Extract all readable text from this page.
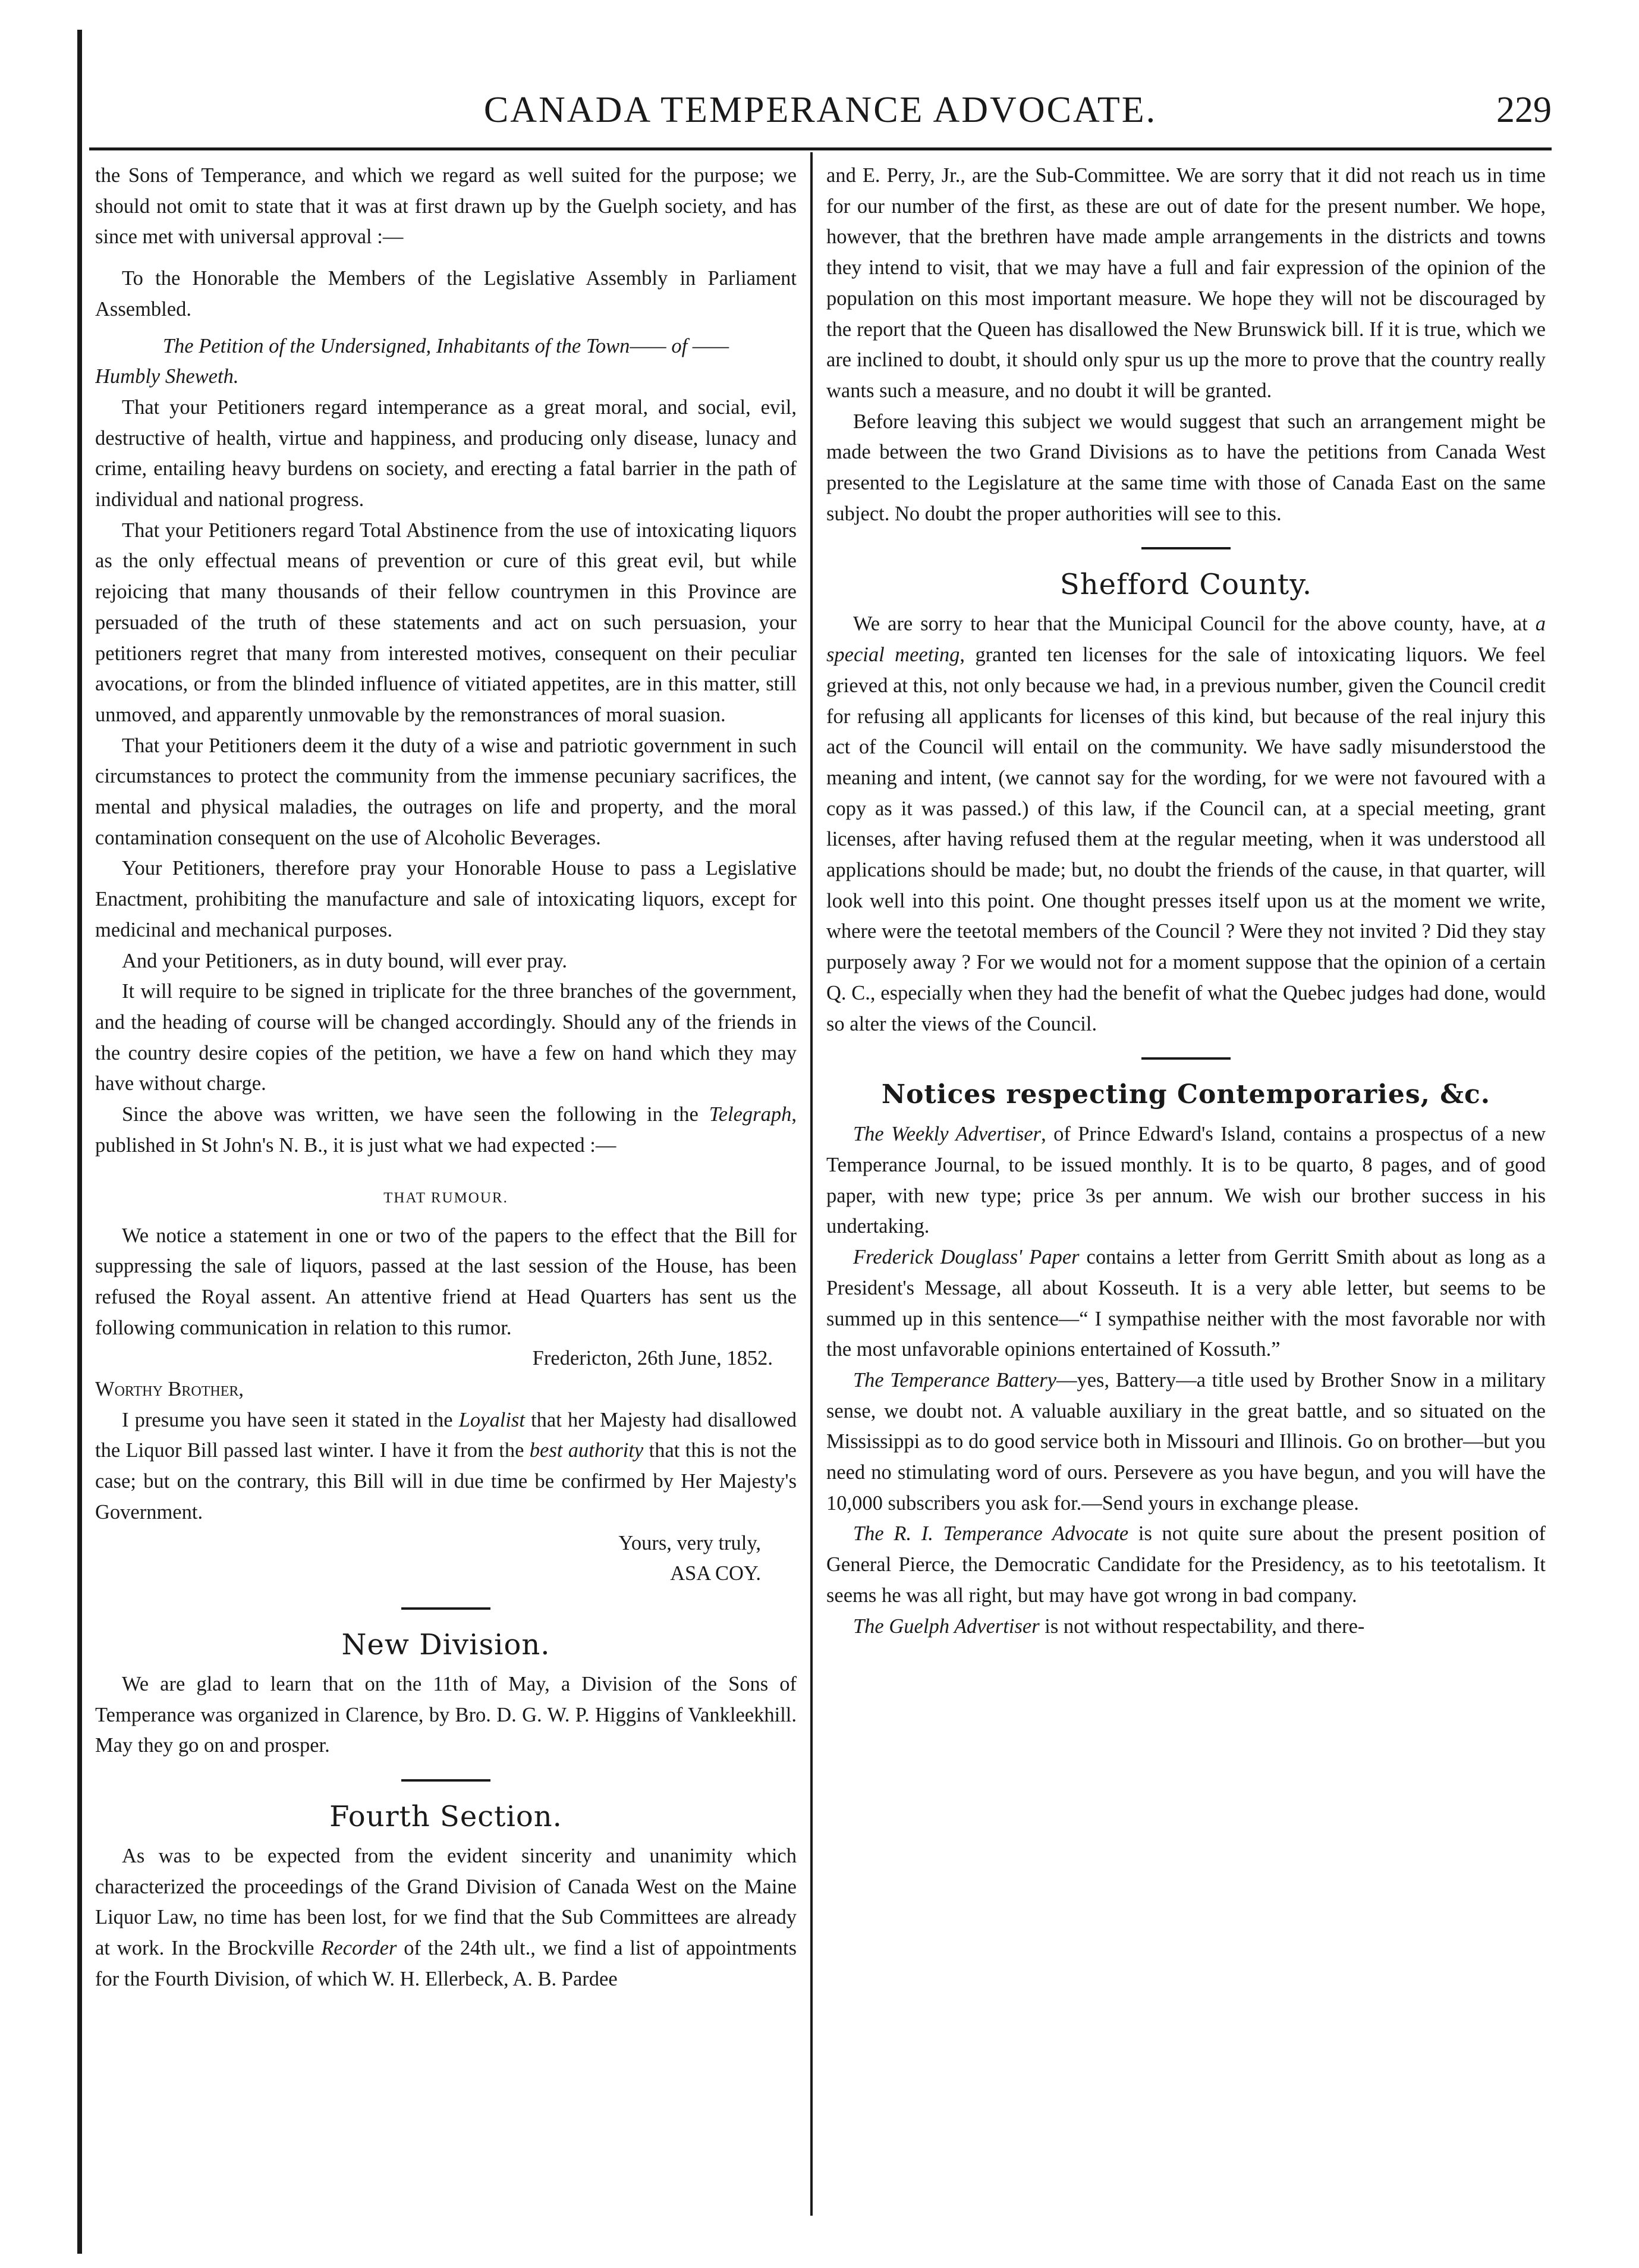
CANADA TEMPERANCE ADVOCATE.	229

the Sons of Temperance, and which we regard as well suited for the purpose; we should not omit to state that it was at first drawn up by the Guelph society, and has since met with universal approval :—

To the Honorable the Members of the Legislative Assembly in Parliament Assembled.

The Petition of the Undersigned, Inhabitants of the Town—— of ——

Humbly Sheweth.

That your Petitioners regard intemperance as a great moral, and social, evil, destructive of health, virtue and happiness, and producing only disease, lunacy and crime, entailing heavy burdens on society, and erecting a fatal barrier in the path of individual and national progress.

That your Petitioners regard Total Abstinence from the use of intoxicating liquors as the only effectual means of prevention or cure of this great evil, but while rejoicing that many thousands of their fellow countrymen in this Province are persuaded of the truth of these statements and act on such persuasion, your petitioners regret that many from interested motives, consequent on their peculiar avocations, or from the blinded influence of vitiated appetites, are in this matter, still unmoved, and apparently unmovable by the remonstrances of moral suasion.

That your Petitioners deem it the duty of a wise and patriotic government in such circumstances to protect the community from the immense pecuniary sacrifices, the mental and physical maladies, the outrages on life and property, and the moral contamination consequent on the use of Alcoholic Beverages.

Your Petitioners, therefore pray your Honorable House to pass a Legislative Enactment, prohibiting the manufacture and sale of intoxicating liquors, except for medicinal and mechanical purposes.

And your Petitioners, as in duty bound, will ever pray.

It will require to be signed in triplicate for the three branches of the government, and the heading of course will be changed accordingly. Should any of the friends in the country desire copies of the petition, we have a few on hand which they may have without charge.

Since the above was written, we have seen the following in the Telegraph, published in St John's N. B., it is just what we had expected :—

THAT RUMOUR.

We notice a statement in one or two of the papers to the effect that the Bill for suppressing the sale of liquors, passed at the last session of the House, has been refused the Royal assent. An attentive friend at Head Quarters has sent us the following communication in relation to this rumor.

Fredericton, 26th June, 1852.

Worthy Brother,

I presume you have seen it stated in the Loyalist that her Majesty had disallowed the Liquor Bill passed last winter. I have it from the best authority that this is not the case; but on the contrary, this Bill will in due time be confirmed by Her Majesty's Government.

Yours, very truly,

ASA COY.

New Division.

We are glad to learn that on the 11th of May, a Division of the Sons of Temperance was organized in Clarence, by Bro. D. G. W. P. Higgins of Vankleekhill. May they go on and prosper.

Fourth Section.

As was to be expected from the evident sincerity and unanimity which characterized the proceedings of the Grand Division of Canada West on the Maine Liquor Law, no time has been lost, for we find that the Sub Committees are already at work. In the Brockville Recorder of the 24th ult., we find a list of appointments for the Fourth Division, of which W. H. Ellerbeck, A. B. Pardee

and E. Perry, Jr., are the Sub-Committee. We are sorry that it did not reach us in time for our number of the first, as these are out of date for the present number. We hope, however, that the brethren have made ample arrangements in the districts and towns they intend to visit, that we may have a full and fair expression of the opinion of the population on this most important measure. We hope they will not be discouraged by the report that the Queen has disallowed the New Brunswick bill. If it is true, which we are inclined to doubt, it should only spur us up the more to prove that the country really wants such a measure, and no doubt it will be granted.

Before leaving this subject we would suggest that such an arrangement might be made between the two Grand Divisions as to have the petitions from Canada West presented to the Legislature at the same time with those of Canada East on the same subject. No doubt the proper authorities will see to this.

Shefford County.

We are sorry to hear that the Municipal Council for the above county, have, at a special meeting, granted ten licenses for the sale of intoxicating liquors. We feel grieved at this, not only because we had, in a previous number, given the Council credit for refusing all applicants for licenses of this kind, but because of the real injury this act of the Council will entail on the community. We have sadly misunderstood the meaning and intent, (we cannot say for the wording, for we were not favoured with a copy as it was passed.) of this law, if the Council can, at a special meeting, grant licenses, after having refused them at the regular meeting, when it was understood all applications should be made; but, no doubt the friends of the cause, in that quarter, will look well into this point. One thought presses itself upon us at the moment we write, where were the teetotal members of the Council ? Were they not invited ? Did they stay purposely away ? For we would not for a moment suppose that the opinion of a certain Q. C., especially when they had the benefit of what the Quebec judges had done, would so alter the views of the Council.

Notices respecting Contemporaries, &c.

The Weekly Advertiser, of Prince Edward's Island, contains a prospectus of a new Temperance Journal, to be issued monthly. It is to be quarto, 8 pages, and of good paper, with new type; price 3s per annum. We wish our brother success in his undertaking.

Frederick Douglass' Paper contains a letter from Gerritt Smith about as long as a President's Message, all about Kosseuth. It is a very able letter, but seems to be summed up in this sentence—“ I sympathise neither with the most favorable nor with the most unfavorable opinions entertained of Kossuth.”

The Temperance Battery—yes, Battery—a title used by Brother Snow in a military sense, we doubt not. A valuable auxiliary in the great battle, and so situated on the Mississippi as to do good service both in Missouri and Illinois. Go on brother—but you need no stimulating word of ours. Persevere as you have begun, and you will have the 10,000 subscribers you ask for.—Send yours in exchange please.

The R. I. Temperance Advocate is not quite sure about the present position of General Pierce, the Democratic Candidate for the Presidency, as to his teetotalism. It seems he was all right, but may have got wrong in bad company.

The Guelph Advertiser is not without respectability, and there-
